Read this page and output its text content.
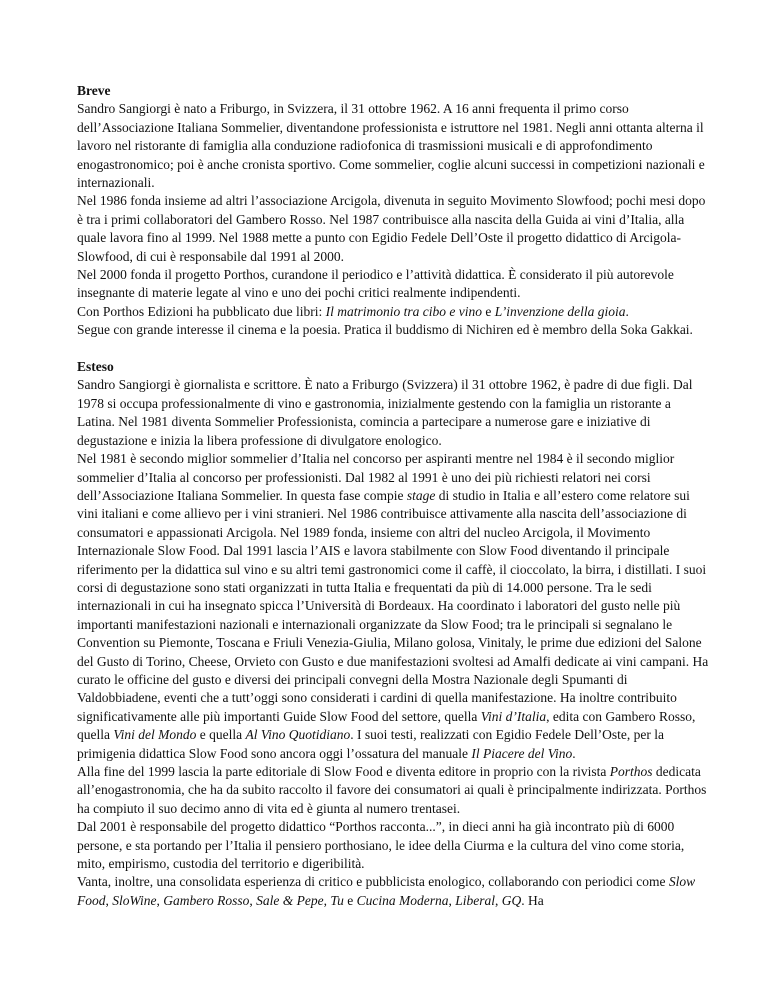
Breve

Sandro Sangiorgi è nato a Friburgo, in Svizzera, il 31 ottobre 1962. A 16 anni frequenta il primo corso dell’Associazione Italiana Sommelier, diventandone professionista e istruttore nel 1981. Negli anni ottanta alterna il lavoro nel ristorante di famiglia alla conduzione radiofonica di trasmissioni musicali e di approfondimento enogastronomico; poi è anche cronista sportivo. Come sommelier, coglie alcuni successi in competizioni nazionali e internazionali.

Nel 1986 fonda insieme ad altri l’associazione Arcigola, divenuta in seguito Movimento Slowfood; pochi mesi dopo è tra i primi collaboratori del Gambero Rosso. Nel 1987 contribuisce alla nascita della Guida ai vini d’Italia, alla quale lavora fino al 1999. Nel 1988 mette a punto con Egidio Fedele Dell’Oste il progetto didattico di Arcigola-Slowfood, di cui è responsabile dal 1991 al 2000.

Nel 2000 fonda il progetto Porthos, curandone il periodico e l’attività didattica. È considerato il più autorevole insegnante di materie legate al vino e uno dei pochi critici realmente indipendenti.

Con Porthos Edizioni ha pubblicato due libri: Il matrimonio tra cibo e vino e L’invenzione della gioia.

Segue con grande interesse il cinema e la poesia. Pratica il buddismo di Nichiren ed è membro della Soka Gakkai.

Esteso

Sandro Sangiorgi è giornalista e scrittore. È nato a Friburgo (Svizzera) il 31 ottobre 1962, è padre di due figli. Dal 1978 si occupa professionalmente di vino e gastronomia, inizialmente gestendo con la famiglia un ristorante a Latina. Nel 1981 diventa Sommelier Professionista, comincia a partecipare a numerose gare e iniziative di degustazione e inizia la libera professione di divulgatore enologico.

Nel 1981 è secondo miglior sommelier d’Italia nel concorso per aspiranti mentre nel 1984 è il secondo miglior sommelier d’Italia al concorso per professionisti. Dal 1982 al 1991 è uno dei più richiesti relatori nei corsi dell’Associazione Italiana Sommelier. In questa fase compie stage di studio in Italia e all’estero come relatore sui vini italiani e come allievo per i vini stranieri. Nel 1986 contribuisce attivamente alla nascita dell’associazione di consumatori e appassionati Arcigola. Nel 1989 fonda, insieme con altri del nucleo Arcigola, il Movimento Internazionale Slow Food. Dal 1991 lascia l’AIS e lavora stabilmente con Slow Food diventando il principale riferimento per la didattica sul vino e su altri temi gastronomici come il caffè, il cioccolato, la birra, i distillati. I suoi corsi di degustazione sono stati organizzati in tutta Italia e frequentati da più di 14.000 persone. Tra le sedi internazionali in cui ha insegnato spicca l’Università di Bordeaux. Ha coordinato i laboratori del gusto nelle più importanti manifestazioni nazionali e internazionali organizzate da Slow Food; tra le principali si segnalano le Convention su Piemonte, Toscana e Friuli Venezia-Giulia, Milano golosa, Vinitaly, le prime due edizioni del Salone del Gusto di Torino, Cheese, Orvieto con Gusto e due manifestazioni svoltesi ad Amalfi dedicate ai vini campani. Ha curato le officine del gusto e diversi dei principali convegni della Mostra Nazionale degli Spumanti di Valdobbiadene, eventi che a tutt’oggi sono considerati i cardini di quella manifestazione. Ha inoltre contribuito significativamente alle più importanti Guide Slow Food del settore, quella Vini d’Italia, edita con Gambero Rosso, quella Vini del Mondo e quella Al Vino Quotidiano. I suoi testi, realizzati con Egidio Fedele Dell’Oste, per la primigenia didattica Slow Food sono ancora oggi l’ossatura del manuale Il Piacere del Vino.

Alla fine del 1999 lascia la parte editoriale di Slow Food e diventa editore in proprio con la rivista Porthos dedicata all’enogastronomia, che ha da subito raccolto il favore dei consumatori ai quali è principalmente indirizzata. Porthos ha compiuto il suo decimo anno di vita ed è giunta al numero trentasei.

Dal 2001 è responsabile del progetto didattico “Porthos racconta...”, in dieci anni ha già incontrato più di 6000 persone, e sta portando per l’Italia il pensiero porthosiano, le idee della Ciurma e la cultura del vino come storia, mito, empirismo, custodia del territorio e digeribilità.

Vanta, inoltre, una consolidata esperienza di critico e pubblicista enologico, collaborando con periodici come Slow Food, SloWine, Gambero Rosso, Sale & Pepe, Tu e Cucina Moderna, Liberal, GQ. Ha
